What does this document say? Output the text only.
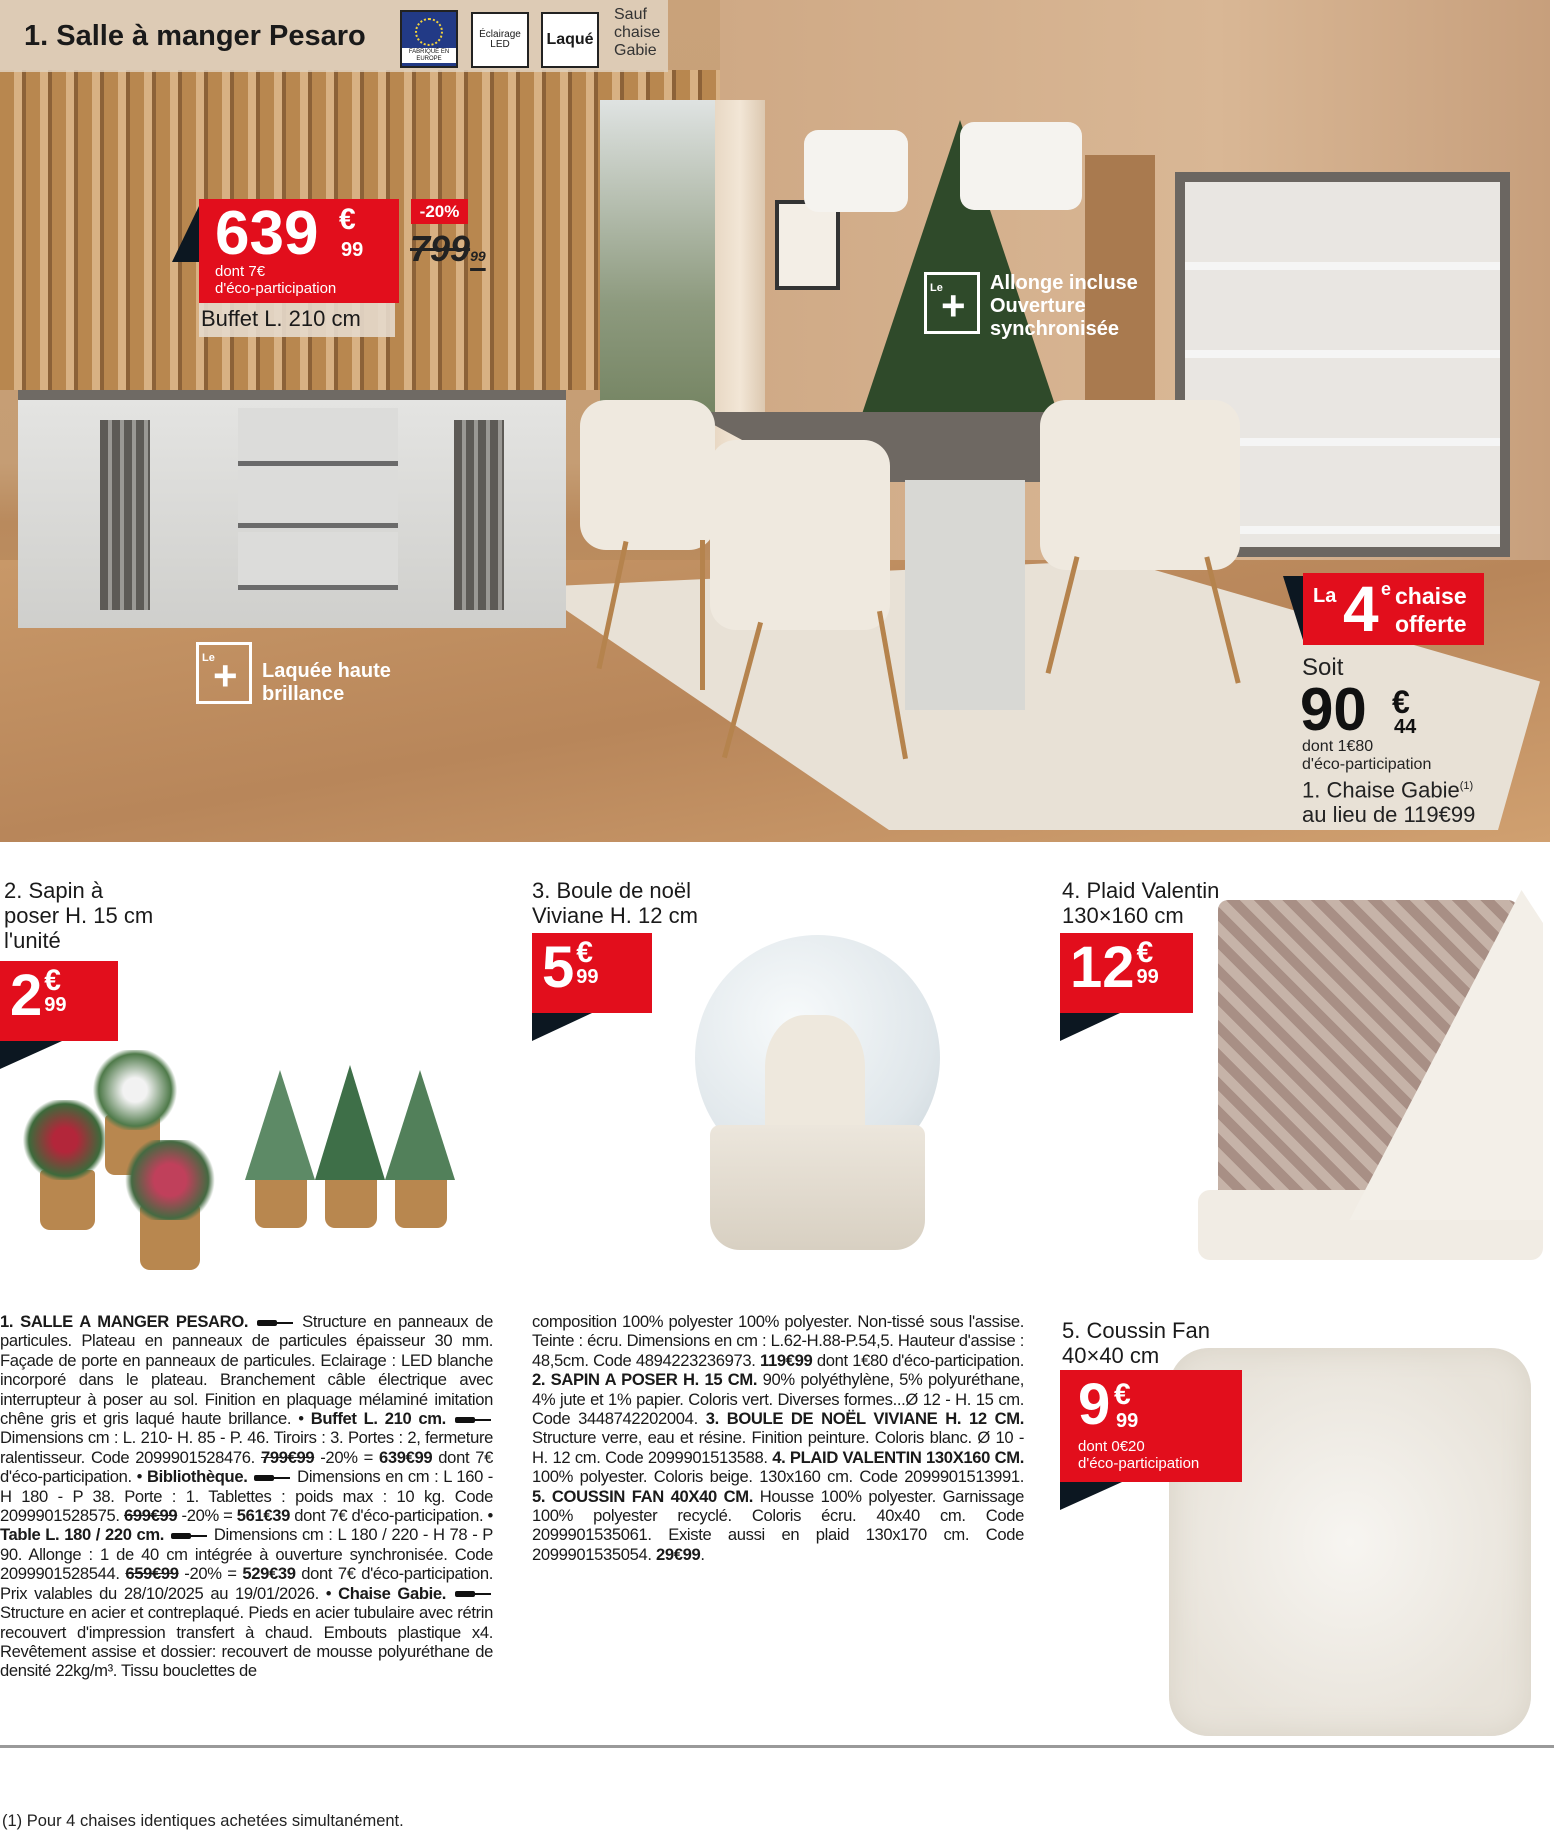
1. Salle à manger Pesaro	FABRIQUÉ EN EUROPE
Éclairage LED	Laqué
Sauf
chaise
Gabie
639 €
99
dont 7€
d'éco-participation
Buffet L. 210 cm
-20%
79999
Le
+ Allonge incluse
Ouverture
synchronisée
Le
+ Laquée haute
brillance
La 4 e chaise
offerte
Soit
90 €
44
dont 1€80
d'éco-participation
1. Chaise Gabie$^{(1)}$
au lieu de 119€99
2. Sapin à
poser H. 15 cm
l'unité
2 €
99
3. Boule de noël
Viviane H. 12 cm
5 €
99
4. Plaid Valentin
130×160 cm
12 €
99
1. SALLE A MANGER PESARO.  Structure en panneaux de particules. Plateau en panneaux de particules épaisseur 30 mm. Façade de porte en panneaux de particules. Eclairage : LED blanche incorporé dans le plateau. Branchement câble électrique avec interrupteur à poser au sol. Finition en plaquage mélaminé imitation chêne gris et gris laqué haute brillance. • Buffet L. 210 cm.  Dimensions cm : L. 210- H. 85 - P. 46. Tiroirs : 3. Portes : 2, fermeture ralentisseur. Code 2099901528476. 799€99 -20% = 639€99 dont 7€ d'éco-participation. • Bibliothèque.  Dimensions en cm : L 160 - H 180 - P 38. Porte : 1. Tablettes : poids max : 10 kg. Code 2099901528575. 699€99 -20% = 561€39 dont 7€ d'éco-participation. • Table L. 180 / 220 cm.  Dimensions cm : L 180 / 220 - H 78 - P 90. Allonge : 1 de 40 cm intégrée à ouverture synchronisée. Code 2099901528544. 659€99 -20% = 529€39 dont 7€ d'éco-participation. Prix valables du 28/10/2025 au 19/01/2026. • Chaise Gabie.  Structure en acier et contreplaqué. Pieds en acier tubulaire avec rétrin recouvert d'impression transfert à chaud. Embouts plastique x4. Revêtement assise et dossier: recouvert de mousse polyuréthane de densité 22kg/m³. Tissu bouclettes de
composition 100% polyester 100% polyester. Non-tissé sous l'assise. Teinte : écru. Dimensions en cm : L.62-H.88-P.54,5. Hauteur d'assise : 48,5cm. Code 4894223236973. 119€99 dont 1€80 d'éco-participation. 2. SAPIN A POSER H. 15 CM. 90% polyéthylène, 5% polyuréthane, 4% jute et 1% papier. Coloris vert. Diverses formes...Ø 12 - H. 15 cm. Code 3448742202004. 3. BOULE DE NOËL VIVIANE H. 12 CM. Structure verre, eau et résine. Finition peinture. Coloris blanc. Ø 10 - H. 12 cm. Code 2099901513588. 4. PLAID VALENTIN 130X160 CM. 100% polyester. Coloris beige. 130x160 cm. Code 2099901513991. 5. COUSSIN FAN 40X40 CM. Housse 100% polyester. Garnissage 100% polyester recyclé. Coloris écru. 40x40 cm. Code 2099901535061. Existe aussi en plaid 130x170 cm. Code 2099901535054. 29€99.
5. Coussin Fan
40×40 cm
9 €
99
dont 0€20
d'éco-participation
(1) Pour 4 chaises identiques achetées simultanément.
